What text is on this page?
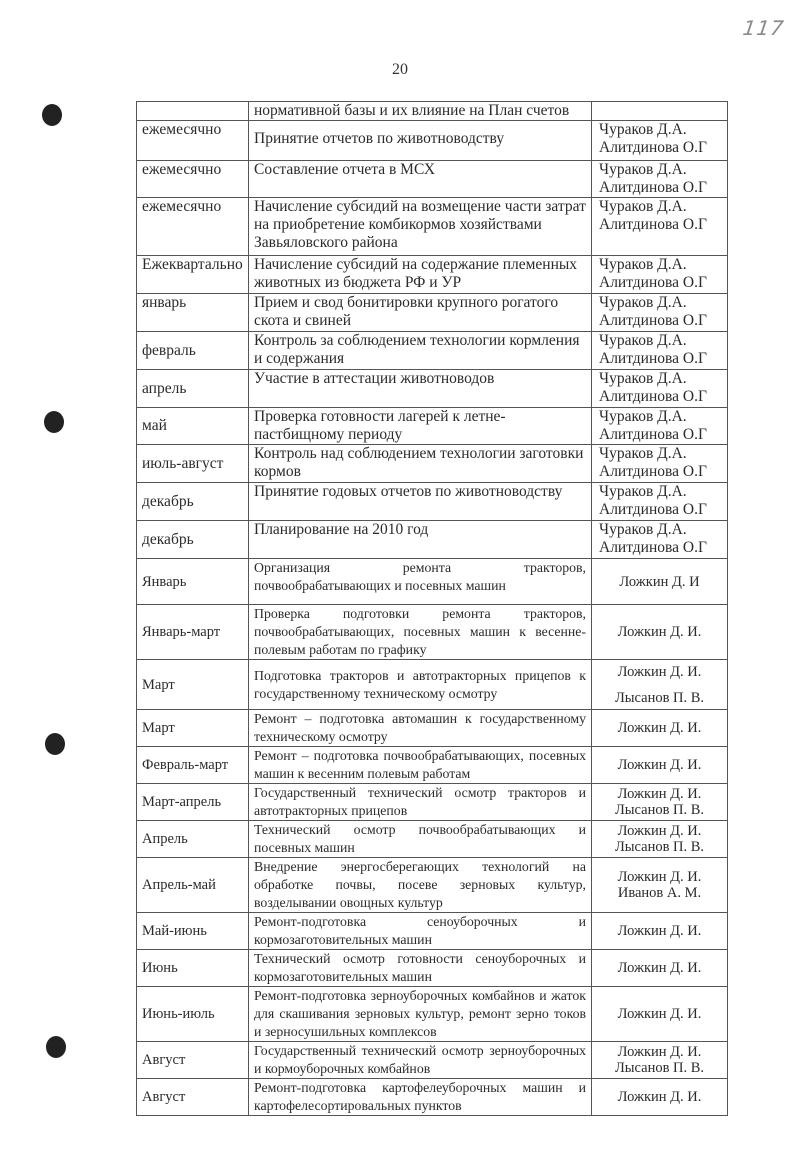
117
20
	нормативной базы и их влияние на План счетов	
ежемесячно	Принятие отчетов по животноводству	Чураков Д.А.
Алитдинова О.Г

ежемесячно	Составление отчета в МСХ	Чураков Д.А.
Алитдинова О.Г

ежемесячно	Начисление субсидий на возмещение части затрат на приобретение комбикормов хозяйствами Завьяловского района	Чураков Д.А.
Алитдинова О.Г

Ежеквартально	Начисление субсидий на содержание племенных животных из бюджета РФ и УР	Чураков Д.А.
Алитдинова О.Г

январь	Прием и свод бонитировки крупного рогатого скота и свиней	Чураков Д.А.
Алитдинова О.Г

февраль	Контроль за соблюдением технологии кормления и содержания	Чураков Д.А.
Алитдинова О.Г

апрель	Участие в аттестации животноводов	Чураков Д.А.
Алитдинова О.Г

май	Проверка готовности лагерей к летне-пастбищному периоду	Чураков Д.А.
Алитдинова О.Г

июль-август	Контроль над соблюдением технологии заготовки кормов	Чураков Д.А.
Алитдинова О.Г

декабрь	Принятие годовых отчетов по животноводству	Чураков Д.А.
Алитдинова О.Г

декабрь	Планирование на 2010 год	Чураков Д.А.
Алитдинова О.Г

Январь	Организация ремонта тракторов, почвообрабатывающих и посевных машин	Ложкин Д. И

Январь-март	Проверка подготовки ремонта тракторов, почвообрабатывающих, посевных машин к весенне-полевым работам по графику	Ложкин Д. И.

Март	Подготовка тракторов и автотракторных прицепов к государственному техническому осмотру	Ложкин Д. И.
Лысанов П. В.

Март	Ремонт – подготовка автомашин к государственному техническому осмотру	Ложкин Д. И.

Февраль-март	Ремонт – подготовка почвообрабатывающих, посевных машин к весенним полевым работам	Ложкин Д. И.

Март-апрель	Государственный технический осмотр тракторов и автотракторных прицепов	Ложкин Д. И.
Лысанов П. В.

Апрель	Технический осмотр почвообрабатывающих и посевных машин	Ложкин Д. И.
Лысанов П. В.

Апрель-май	Внедрение энергосберегающих технологий на обработке почвы, посеве зерновых культур, возделывании овощных культур	Ложкин Д. И.
Иванов А. М.

Май-июнь	Ремонт-подготовка сеноуборочных и кормозаготовительных машин	Ложкин Д. И.

Июнь	Технический осмотр готовности сеноуборочных и кормозаготовительных машин	Ложкин Д. И.

Июнь-июль	Ремонт-подготовка зерноуборочных комбайнов и жаток для скашивания зерновых культур, ремонт зерно токов и зерносушильных комплексов	Ложкин Д. И.

Август	Государственный технический осмотр зерноуборочных и кормоуборочных комбайнов	Ложкин Д. И.
Лысанов П. В.

Август	Ремонт-подготовка картофелеуборочных машин и картофелесортировальных пунктов	Ложкин Д. И.
